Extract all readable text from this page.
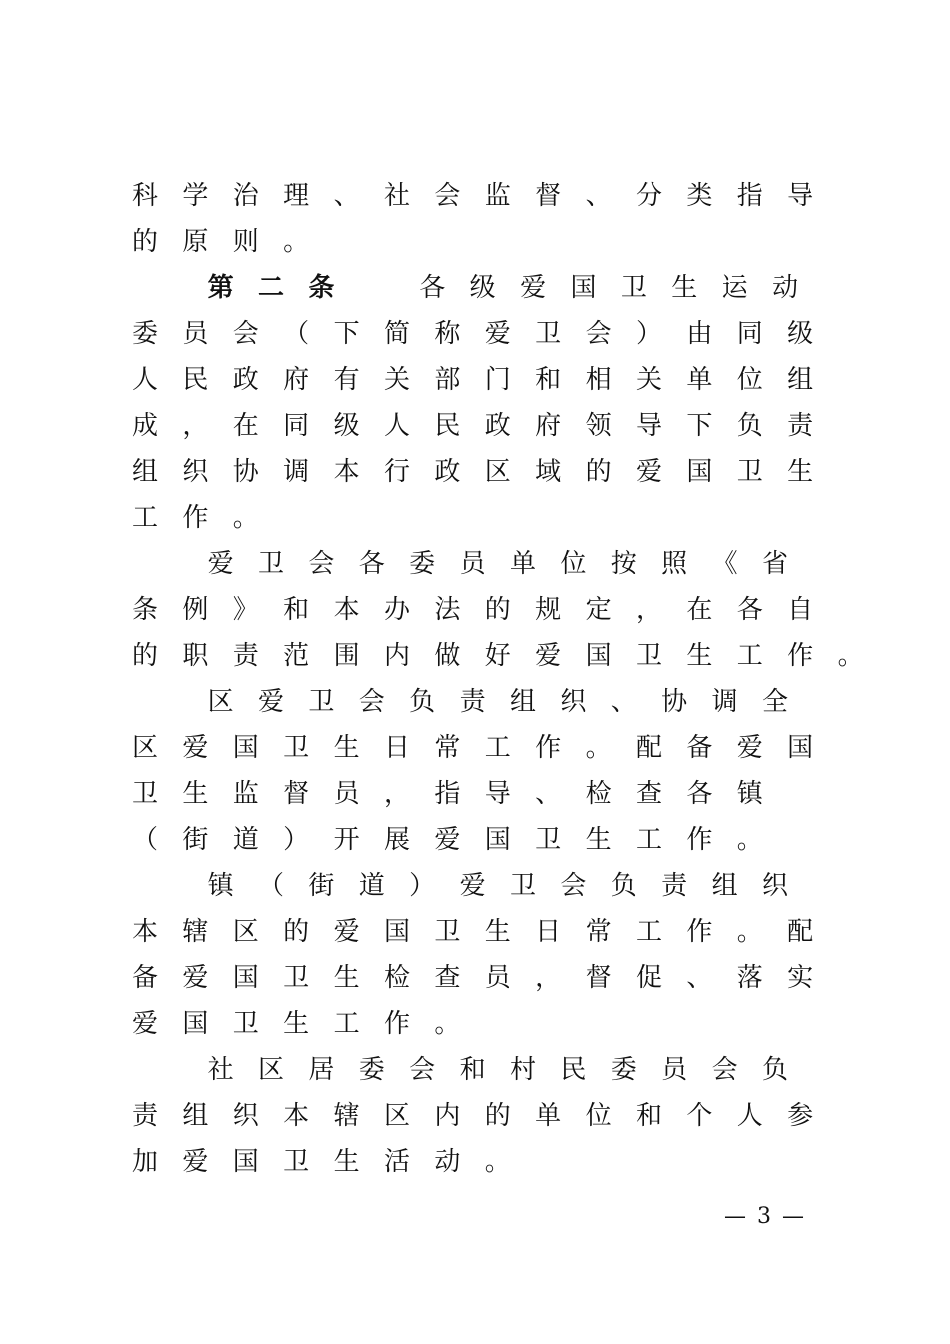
科 学 治 理 、 社 会 监 督 、 分 类 指 导
的 原 则 。
第 二 条	各 级 爱 国 卫 生 运 动
委 员 会 （ 下 简 称 爱 卫 会 ） 由 同 级
人 民 政 府 有 关 部 门 和 相 关 单 位 组
成 ， 在 同 级 人 民 政 府 领 导 下 负 责
组 织 协 调 本 行 政 区 域 的 爱 国 卫 生
工 作 。
爱 卫 会 各 委 员 单 位 按 照 《 省
条 例 》 和 本 办 法 的 规 定 ， 在 各 自
的 职 责 范 围 内 做 好 爱 国 卫 生 工 作 。
区 爱 卫 会 负 责 组 织 、 协 调 全
区 爱 国 卫 生 日 常 工 作 。 配 备 爱 国
卫 生 监 督 员 ， 指 导 、 检 查 各 镇
（ 街 道 ） 开 展 爱 国 卫 生 工 作 。
镇 （ 街 道 ） 爱 卫 会 负 责 组 织
本 辖 区 的 爱 国 卫 生 日 常 工 作 。 配
备 爱 国 卫 生 检 查 员 ， 督 促 、 落 实
爱 国 卫 生 工 作 。
社 区 居 委 会 和 村 民 委 员 会 负
责 组 织 本 辖 区 内 的 单 位 和 个 人 参
加 爱 国 卫 生 活 动 。
— 3 —
